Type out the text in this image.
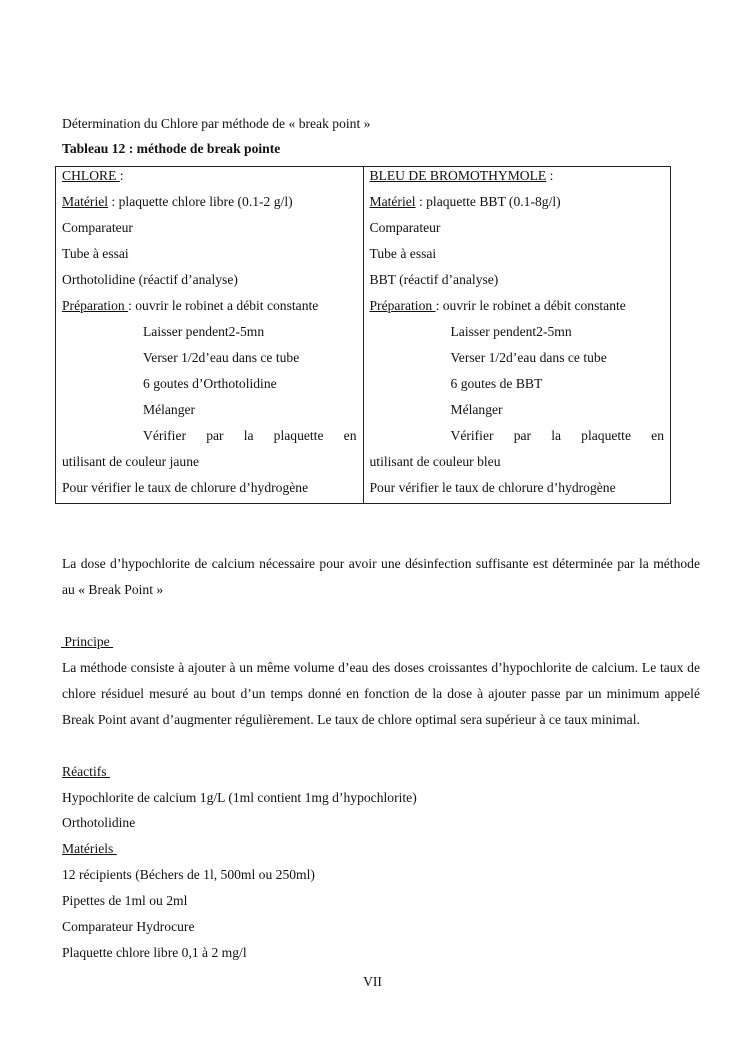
Détermination du Chlore par méthode de « break point »
Tableau 12 : méthode de break pointe
CHLORE :
Matériel : plaquette chlore libre (0.1-2 g/l)
Comparateur
Tube à essai
Orthotolidine (réactif d’analyse)
Préparation : ouvrir le robinet a débit constante
Laisser pendent2-5mn
Verser 1/2d’eau dans ce tube
6 goutes d’Orthotolidine
Mélanger
Vérifier par la plaquette en
utilisant de couleur jaune
Pour vérifier le taux de chlorure d’hydrogène

BLEU DE BROMOTHYMOLE :
Matériel : plaquette BBT (0.1-8g/l)
Comparateur
Tube à essai
BBT (réactif d’analyse)
Préparation : ouvrir le robinet a débit constante
Laisser pendent2-5mn
Verser 1/2d’eau dans ce tube
6 goutes de BBT
Mélanger
Vérifier par la plaquette en
utilisant de couleur bleu
Pour vérifier le taux de chlorure d’hydrogène
La dose d’hypochlorite de calcium nécessaire pour avoir une désinfection suffisante est déterminée par la méthode au « Break Point »
Principe
La méthode consiste à ajouter à un même volume d’eau des doses croissantes d’hypochlorite de calcium. Le taux de chlore résiduel mesuré au bout d’un temps donné en fonction de la dose à ajouter passe par un minimum appelé Break Point avant d’augmenter régulièrement. Le taux de chlore optimal sera supérieur à ce taux minimal.
Réactifs
Hypochlorite de calcium 1g/L (1ml contient 1mg d’hypochlorite)
Orthotolidine
Matériels
12 récipients (Béchers de 1l, 500ml ou 250ml)
Pipettes de 1ml ou 2ml
Comparateur Hydrocure
Plaquette chlore libre 0,1 à 2 mg/l
VII
